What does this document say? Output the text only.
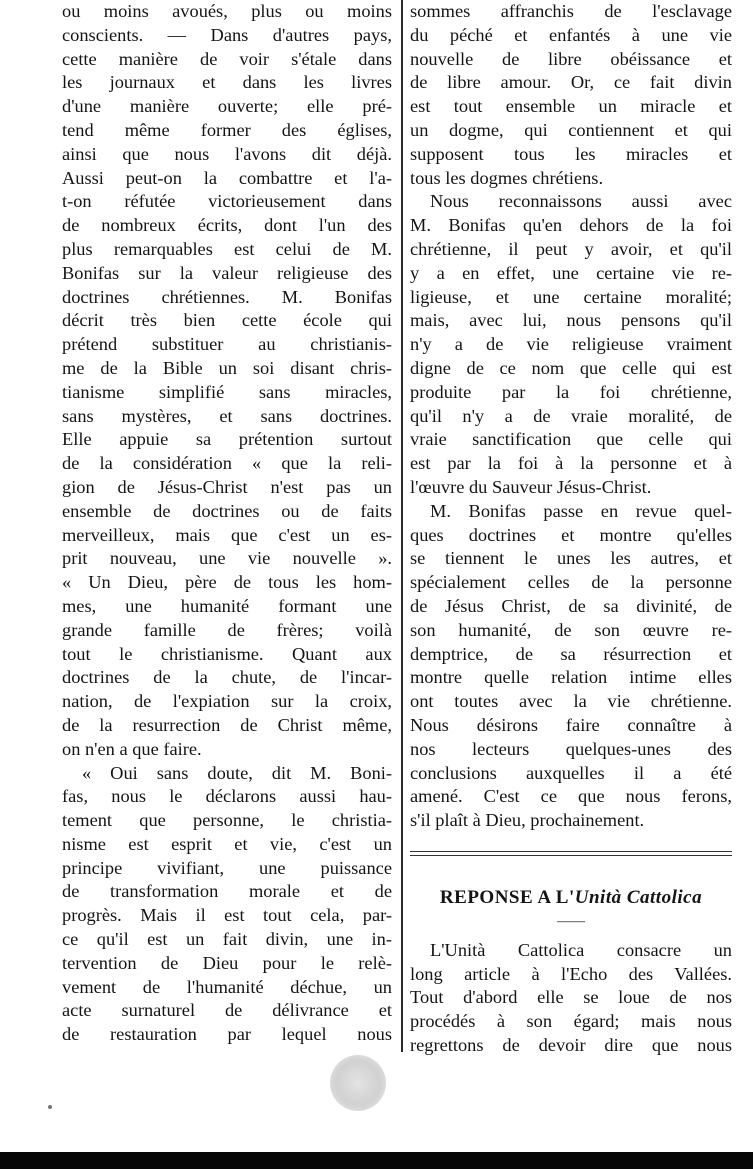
ou moins avoués, plus ou moins
conscients. — Dans d'autres pays,
cette manière de voir s'étale dans
les journaux et dans les livres
d'une manière ouverte; elle pré-
tend même former des églises,
ainsi que nous l'avons dit déjà.
Aussi peut-on la combattre et l'a-
t-on réfutée victorieusement dans
de nombreux écrits, dont l'un des
plus remarquables est celui de M.
Bonifas sur la valeur religieuse des
doctrines chrétiennes. M. Bonifas
décrit très bien cette école qui
prétend substituer au christianis-
me de la Bible un soi disant chris-
tianisme simplifié sans miracles,
sans mystères, et sans doctrines.
Elle appuie sa prétention surtout
de la considération « que la reli-
gion de Jésus-Christ n'est pas un
ensemble de doctrines ou de faits
merveilleux, mais que c'est un es-
prit nouveau, une vie nouvelle ».
« Un Dieu, père de tous les hom-
mes, une humanité formant une
grande famille de frères; voilà
tout le christianisme. Quant aux
doctrines de la chute, de l'incar-
nation, de l'expiation sur la croix,
de la resurrection de Christ même,
on n'en a que faire.
« Oui sans doute, dit M. Boni-
fas, nous le déclarons aussi hau-
tement que personne, le christia-
nisme est esprit et vie, c'est un
principe vivifiant, une puissance
de transformation morale et de
progrès. Mais il est tout cela, par-
ce qu'il est un fait divin, une in-
tervention de Dieu pour le relè-
vement de l'humanité déchue, un
acte surnaturel de délivrance et
de restauration par lequel nous
sommes affranchis de l'esclavage
du péché et enfantés à une vie
nouvelle de libre obéissance et
de libre amour. Or, ce fait divin
est tout ensemble un miracle et
un dogme, qui contiennent et qui
supposent tous les miracles et
tous les dogmes chrétiens.
Nous reconnaissons aussi avec
M. Bonifas qu'en dehors de la foi
chrétienne, il peut y avoir, et qu'il
y a en effet, une certaine vie re-
ligieuse, et une certaine moralité;
mais, avec lui, nous pensons qu'il
n'y a de vie religieuse vraiment
digne de ce nom que celle qui est
produite par la foi chrétienne,
qu'il n'y a de vraie moralité, de
vraie sanctification que celle qui
est par la foi à la personne et à
l'œuvre du Sauveur Jésus-Christ.
M. Bonifas passe en revue quel-
ques doctrines et montre qu'elles
se tiennent le unes les autres, et
spécialement celles de la personne
de Jésus Christ, de sa divinité, de
son humanité, de son œuvre re-
demptrice, de sa résurrection et
montre quelle relation intime elles
ont toutes avec la vie chrétienne.
Nous désirons faire connaître à
nos lecteurs quelques-unes des
conclusions auxquelles il a été
amené. C'est ce que nous ferons,
s'il plaît à Dieu, prochainement.
REPONSE A L'Unità Cattolica
——
L'Unità Cattolica consacre un
long article à l'Echo des Vallées.
Tout d'abord elle se loue de nos
procédés à son égard; mais nous
regrettons de devoir dire que nous
